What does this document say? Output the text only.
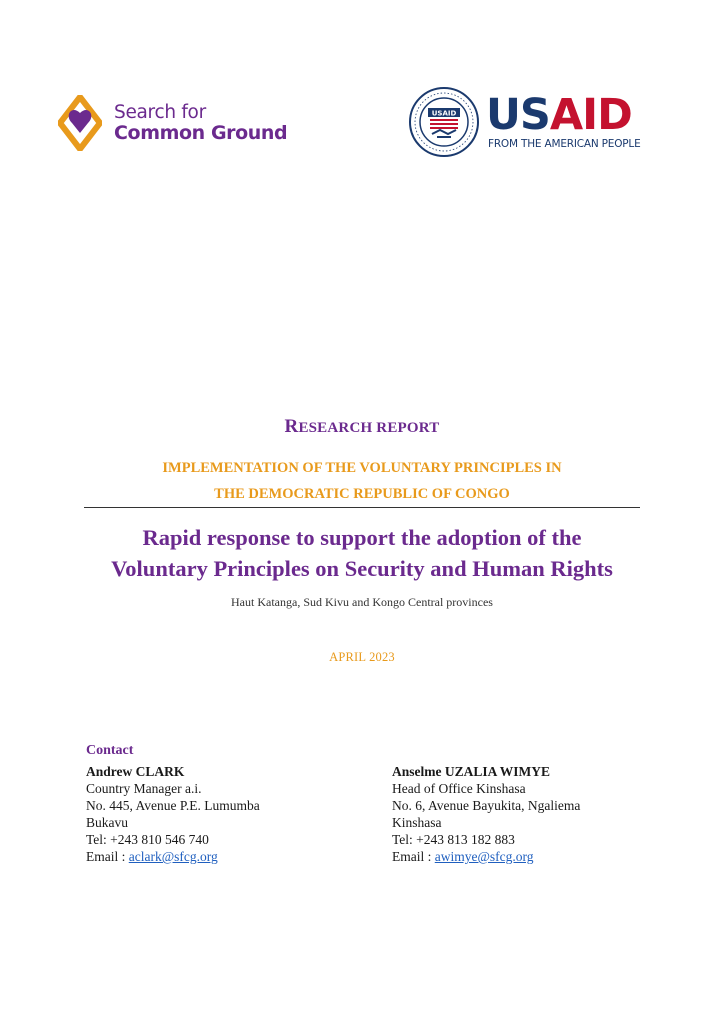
Search for
Common Ground
USAID USAID
FROM THE AMERICAN PEOPLE
RESEARCH REPORT
IMPLEMENTATION OF THE VOLUNTARY PRINCIPLES IN
THE DEMOCRATIC REPUBLIC OF CONGO
Rapid response to support the adoption of the
Voluntary Principles on Security and Human Rights
Haut Katanga, Sud Kivu and Kongo Central provinces
APRIL 2023
Contact
Andrew CLARK
Country Manager a.i.
No. 445, Avenue P.E. Lumumba
Bukavu
Tel: +243 810 546 740
Email : aclark@sfcg.org
Anselme UZALIA WIMYE
Head of Office Kinshasa
No. 6, Avenue Bayukita, Ngaliema
Kinshasa
Tel: +243 813 182 883
Email : awimye@sfcg.org
